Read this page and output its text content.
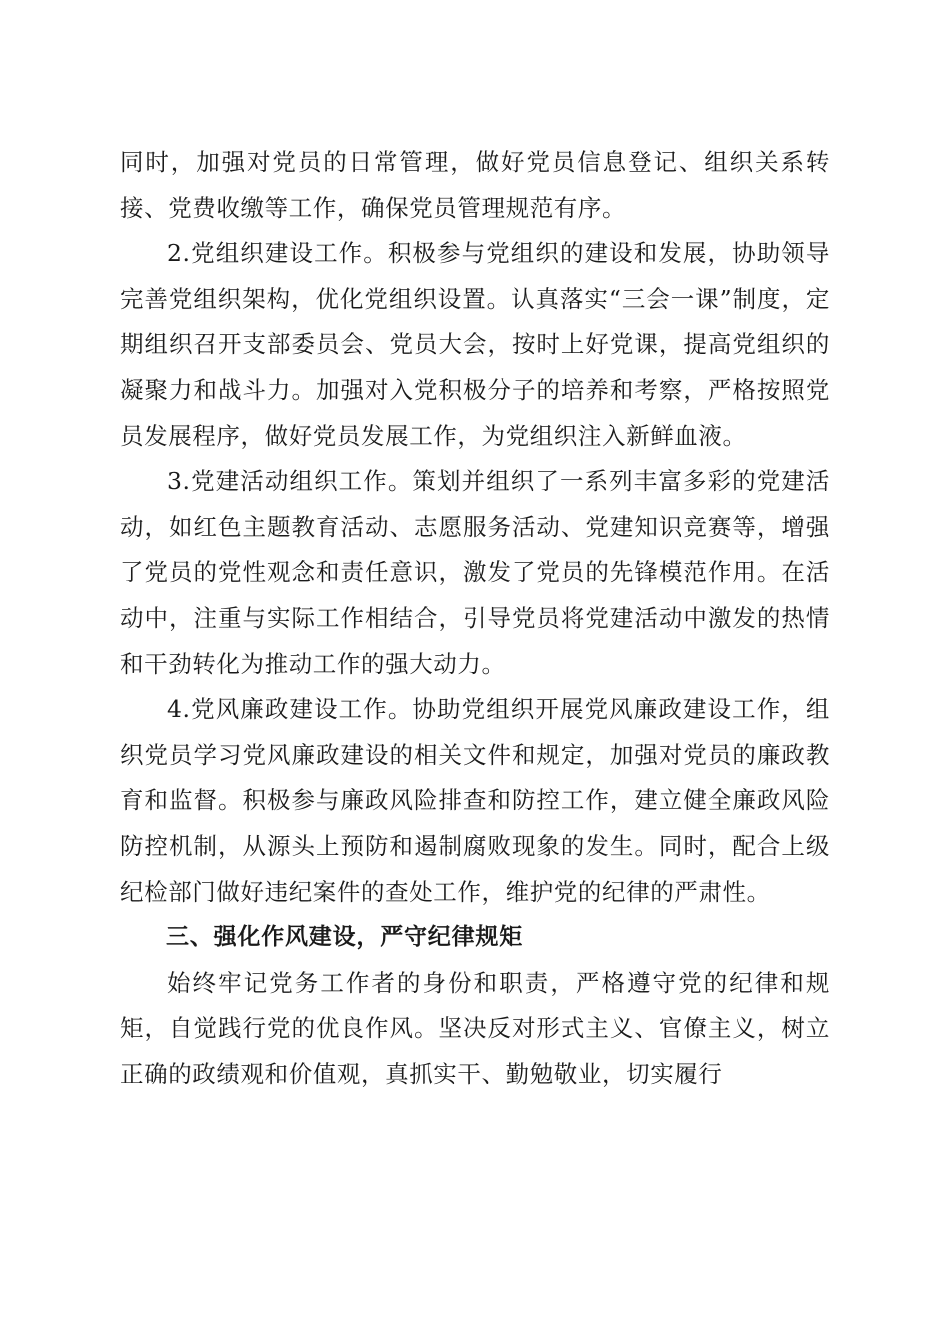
同时，加强对党员的日常管理，做好党员信息登记、组织关系转接、党费收缴等工作，确保党员管理规范有序。

2.党组织建设工作。积极参与党组织的建设和发展，协助领导完善党组织架构，优化党组织设置。认真落实“三会一课”制度，定期组织召开支部委员会、党员大会，按时上好党课，提高党组织的凝聚力和战斗力。加强对入党积极分子的培养和考察，严格按照党员发展程序，做好党员发展工作，为党组织注入新鲜血液。

3.党建活动组织工作。策划并组织了一系列丰富多彩的党建活动，如红色主题教育活动、志愿服务活动、党建知识竞赛等，增强了党员的党性观念和责任意识，激发了党员的先锋模范作用。在活动中，注重与实际工作相结合，引导党员将党建活动中激发的热情和干劲转化为推动工作的强大动力。

4.党风廉政建设工作。协助党组织开展党风廉政建设工作，组织党员学习党风廉政建设的相关文件和规定，加强对党员的廉政教育和监督。积极参与廉政风险排查和防控工作，建立健全廉政风险防控机制，从源头上预防和遏制腐败现象的发生。同时，配合上级纪检部门做好违纪案件的查处工作，维护党的纪律的严肃性。

三、强化作风建设，严守纪律规矩

始终牢记党务工作者的身份和职责，严格遵守党的纪律和规矩，自觉践行党的优良作风。坚决反对形式主义、官僚主义，树立正确的政绩观和价值观，真抓实干、勤勉敬业，切实履行
